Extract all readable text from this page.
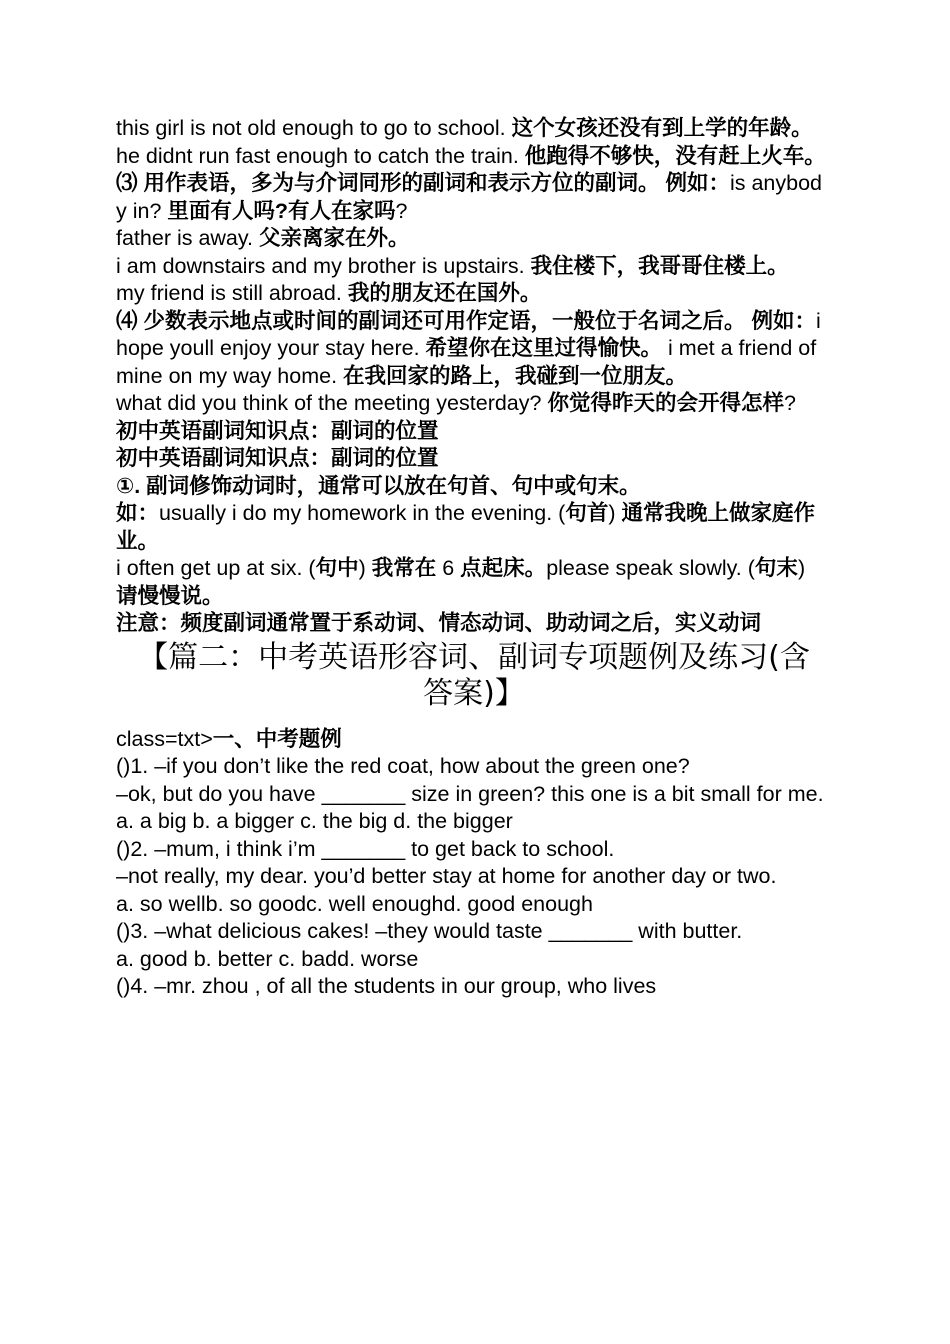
this girl is not old enough to go to school. 这个女孩还没有到上学的年龄。
he didnt run fast enough to catch the train. 他跑得不够快，没有赶上火车。
⑶ 用作表语，多为与介词同形的副词和表示方位的副词。 例如：is anybody in? 里面有人吗?有人在家吗?
father is away. 父亲离家在外。
i am downstairs and my brother is upstairs. 我住楼下，我哥哥住楼上。
my friend is still abroad. 我的朋友还在国外。
⑷ 少数表示地点或时间的副词还可用作定语，一般位于名词之后。 例如：i hope youll enjoy your stay here. 希望你在这里过得愉快。 i met a friend of mine on my way home. 在我回家的路上，我碰到一位朋友。
what did you think of the meeting yesterday? 你觉得昨天的会开得怎样?
初中英语副词知识点：副词的位置
初中英语副词知识点：副词的位置
①. 副词修饰动词时，通常可以放在句首、句中或句末。
如：usually i do my homework in the evening. (句首) 通常我晚上做家庭作业。
i often get up at six. (句中) 我常在 6 点起床。please speak slowly. (句末) 请慢慢说。
注意：频度副词通常置于系动词、情态动词、助动词之后，实义动词
【篇二：中考英语形容词、副词专项题例及练习(含答案)】
class=txt>一、中考题例
()1. –if you don’t like the red coat, how about the green one?
–ok, but do you have _______ size in green? this one is a bit small for me.
a. a big b. a bigger c. the big d. the bigger
()2. –mum, i think i’m _______ to get back to school.
–not really, my dear. you’d better stay at home for another day or two.
a. so wellb. so goodc. well enoughd. good enough
()3. –what delicious cakes! –they would taste _______ with butter.
a. good b. better c. badd. worse
()4. –mr. zhou , of all the students in our group, who lives
